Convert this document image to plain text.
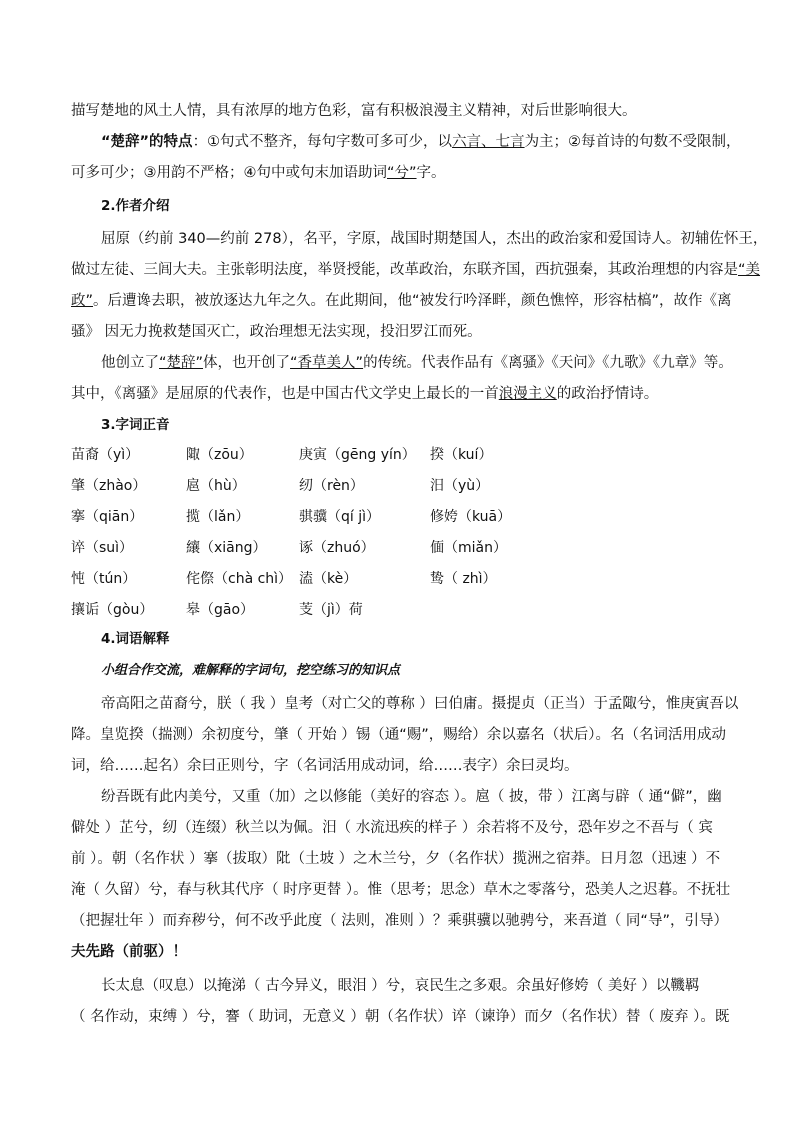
描写楚地的风土人情，具有浓厚的地方色彩，富有积极浪漫主义精神，对后世影响很大。
“楚辞”的特点：①句式不整齐，每句字数可多可少，以六言、七言为主；②每首诗的句数不受限制，
可多可少；③用韵不严格；④句中或句末加语助词“兮”字。
2.作者介绍
屈原（约前 340—约前 278），名平，字原，战国时期楚国人，杰出的政治家和爱国诗人。初辅佐怀王，
做过左徒、三闾大夫。主张彰明法度，举贤授能，改革政治，东联齐国，西抗强秦，其政治理想的内容是“美
政”。后遭谗去职，被放逐达九年之久。在此期间，他“被发行吟泽畔，颜色憔悴，形容枯槁”，故作《离
骚》 因无力挽救楚国灭亡，政治理想无法实现，投汨罗江而死。
他创立了“楚辞”体，也开创了“香草美人”的传统。代表作品有《离骚》《天问》《九歌》《九章》等。
其中，《离骚》是屈原的代表作，也是中国古代文学史上最长的一首浪漫主义的政治抒情诗。
3.字词正音
苗裔（yì）	陬（zōu）	庚寅（gēng yín） 揆（kuí）
肇（zhào）	扈（hù）	纫（rèn）	汨（yù）
搴（qiān）	揽（lǎn）	骐骥（qí jì）	修姱（kuā）
谇（suì）	纕（xiāng） 诼（zhuó）	偭（miǎn）
忳（tún）	侘傺（chà chì） 溘（kè）	鸷（ zhì）
攘诟（gòu） 皋（gāo）	芰（jì）荷
4.词语解释
小组合作交流，难解释的字词句，挖空练习的知识点
帝高阳之苗裔兮，朕（ 我 ）皇考（对亡父的尊称 ）曰伯庸。摄提贞（正当）于孟陬兮，惟庚寅吾以
降。皇览揆（揣测）余初度兮，肇（ 开始 ）锡（通“赐”，赐给）余以嘉名（状后）。名（名词活用成动
词，给……起名）余曰正则兮，字（名词活用成动词，给……表字）余曰灵均。
纷吾既有此内美兮，又重（加）之以修能（美好的容态 ）。扈（ 披，带 ）江离与辟（ 通“僻”，幽
僻处 ）芷兮，纫（连缀）秋兰以为佩。汨（ 水流迅疾的样子 ）余若将不及兮，恐年岁之不吾与（ 宾
前 ）。朝（名作状 ）搴（拔取）阰（土坡 ）之木兰兮，夕（名作状）揽洲之宿莽。日月忽（迅速 ）不
淹（ 久留）兮，春与秋其代序（ 时序更替 ）。惟（思考；思念）草木之零落兮，恐美人之迟暮。不抚壮
（把握壮年 ）而弃秽兮，何不改乎此度（ 法则，准则 ）？乘骐骥以驰骋兮，来吾道（ 同“导”，引导）
夫先路（前驱）！
长太息（叹息）以掩涕（ 古今异义，眼泪 ）兮，哀民生之多艰。余虽好修姱（ 美好 ）以鞿羁
（ 名作动，束缚 ）兮，謇（ 助词，无意义 ）朝（名作状）谇（谏诤）而夕（名作状）替（ 废弃 ）。既
